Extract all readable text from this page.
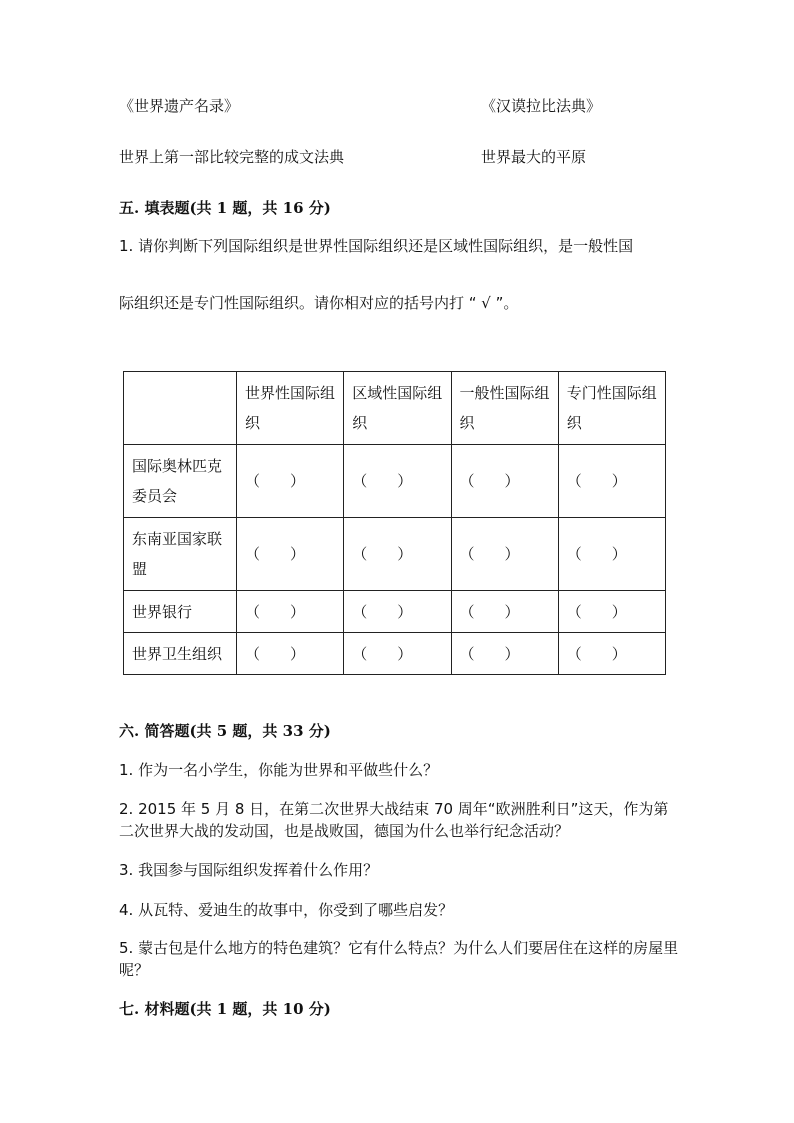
《世界遗产名录》	《汉谟拉比法典》
世界上第一部比较完整的成文法典	世界最大的平原
五. 填表题(共 1 题，共 16 分)
1. 请你判断下列国际组织是世界性国际组织还是区域性国际组织，是一般性国
际组织还是专门性国际组织。请你相对应的括号内打 “ √ ”。
	世界性国际组织	区域性国际组织	一般性国际组织	专门性国际组织
国际奥林匹克委员会	（　　）	（　　）	（　　）	（　　）
东南亚国家联盟	（　　）	（　　）	（　　）	（　　）
世界银行	（　　）	（　　）	（　　）	（　　）
世界卫生组织	（　　）	（　　）	（　　）	（　　）
六. 简答题(共 5 题，共 33 分)
1. 作为一名小学生，你能为世界和平做些什么？
2. 2015 年 5 月 8 日，在第二次世界大战结束 70 周年“欧洲胜利日”这天，作为第二次世界大战的发动国，也是战败国，德国为什么也举行纪念活动？
3. 我国参与国际组织发挥着什么作用？
4. 从瓦特、爱迪生的故事中，你受到了哪些启发？
5. 蒙古包是什么地方的特色建筑？它有什么特点？为什么人们要居住在这样的房屋里呢？
七. 材料题(共 1 题，共 10 分)
